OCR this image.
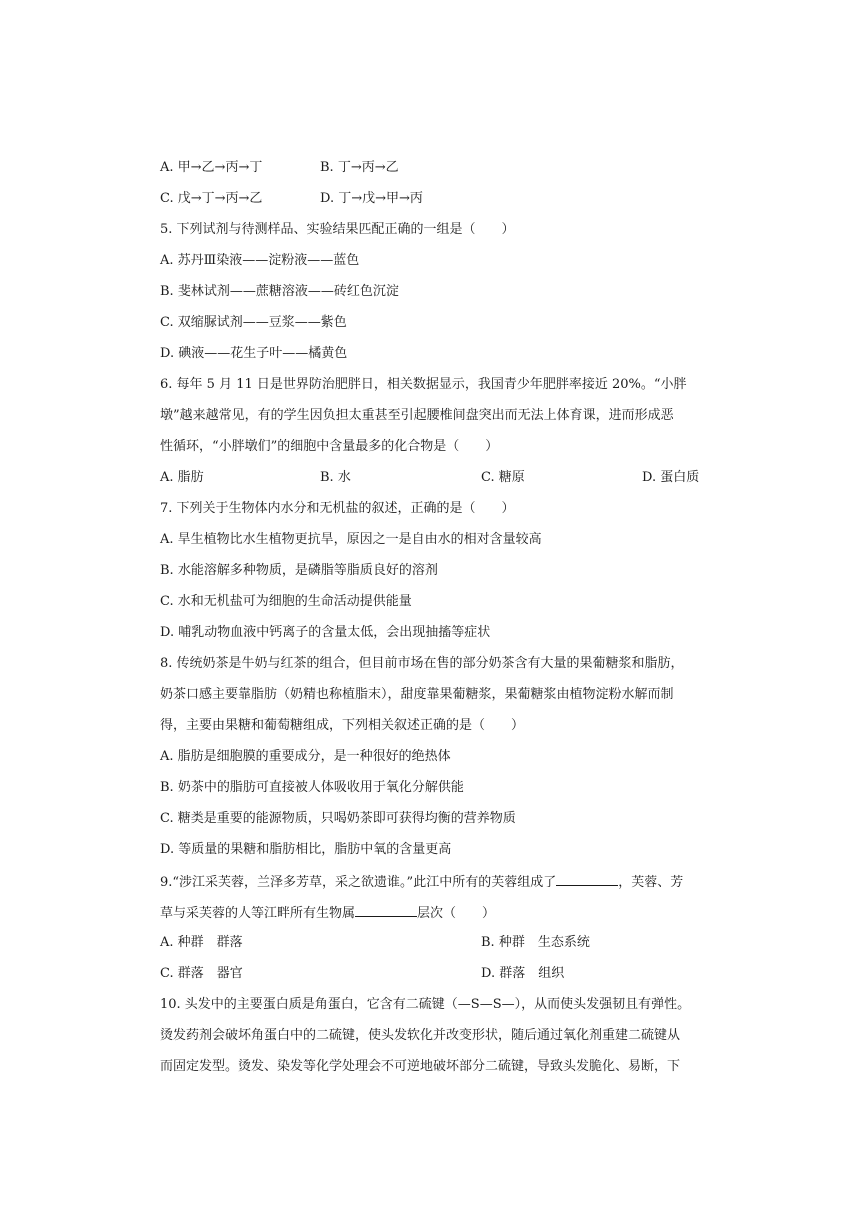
A. 甲→乙→丙→丁	B. 丁→丙→乙
C. 戊→丁→丙→乙	D. 丁→戊→甲→丙
5. 下列试剂与待测样品、实验结果匹配正确的一组是（　　）
A. 苏丹Ⅲ染液——淀粉液——蓝色
B. 斐林试剂——蔗糖溶液——砖红色沉淀
C. 双缩脲试剂——豆浆——紫色
D. 碘液——花生子叶——橘黄色
6. 每年 5 月 11 日是世界防治肥胖日，相关数据显示，我国青少年肥胖率接近 20%。“小胖
墩”越来越常见，有的学生因负担太重甚至引起腰椎间盘突出而无法上体育课，进而形成恶
性循环，“小胖墩们”的细胞中含量最多的化合物是（　　）
A. 脂肪	B. 水	C. 糖原	D. 蛋白质
7. 下列关于生物体内水分和无机盐的叙述，正确的是（　　）
A. 旱生植物比水生植物更抗旱，原因之一是自由水的相对含量较高
B. 水能溶解多种物质，是磷脂等脂质良好的溶剂
C. 水和无机盐可为细胞的生命活动提供能量
D. 哺乳动物血液中钙离子的含量太低，会出现抽搐等症状
8. 传统奶茶是牛奶与红茶的组合，但目前市场在售的部分奶茶含有大量的果葡糖浆和脂肪，
奶茶口感主要靠脂肪（奶精也称植脂末），甜度靠果葡糖浆，果葡糖浆由植物淀粉水解而制
得，主要由果糖和葡萄糖组成，下列相关叙述正确的是（　　）
A. 脂肪是细胞膜的重要成分，是一种很好的绝热体
B. 奶茶中的脂肪可直接被人体吸收用于氧化分解供能
C. 糖类是重要的能源物质，只喝奶茶即可获得均衡的营养物质
D. 等质量的果糖和脂肪相比，脂肪中氧的含量更高
9.“涉江采芙蓉，兰泽多芳草，采之欲遗谁。”此江中所有的芙蓉组成了	，芙蓉、芳
草与采芙蓉的人等江畔所有生物属	层次（　　）
A. 种群　群落	B. 种群　生态系统
C. 群落　器官	D. 群落　组织
10. 头发中的主要蛋白质是角蛋白，它含有二硫键（—S—S—），从而使头发强韧且有弹性。
烫发药剂会破坏角蛋白中的二硫键，使头发软化并改变形状，随后通过氧化剂重建二硫键从
而固定发型。烫发、染发等化学处理会不可逆地破坏部分二硫键，导致头发脆化、易断，下
